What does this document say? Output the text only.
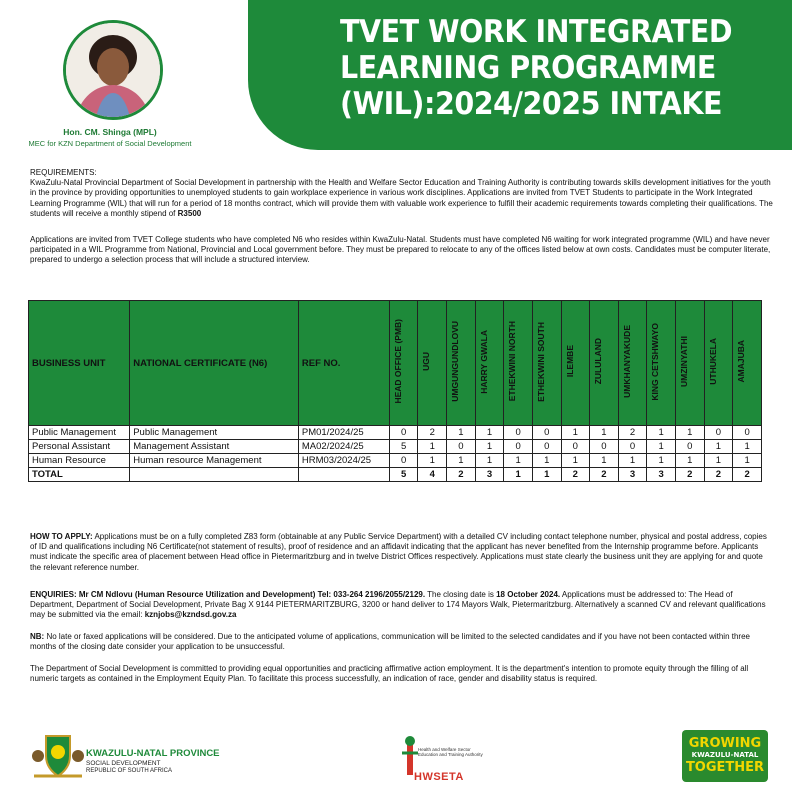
TVET WORK INTEGRATED
LEARNING PROGRAMME
(WIL):2024/2025 INTAKE
Hon. CM. Shinga (MPL)
MEC for KZN Department of Social Development
REQUIREMENTS:
KwaZulu-Natal Provincial Department of Social Development in partnership with the Health and Welfare Sector Education and Training Authority is contributing towards skills development initiatives for the youth in the province by providing opportunities to unemployed students to gain workplace experience in various work disciplines. Applications are invited from TVET Students to participate in the Work Integrated Learning Programme (WIL) that will run for a period of 18 months contract, which will provide them with valuable work experience to fulfill their academic requirements towards completing their qualifications. The students will receive a monthly stipend of R3500
Applications are invited from TVET College students who have completed N6 who resides within KwaZulu-Natal. Students must have completed N6 waiting for work integrated programme (WIL) and have never participated in a WIL Programme from National, Provincial and Local government before. They must be prepared to relocate to any of the offices listed below at own costs. Candidates must be computer literate, prepared to undergo a selection process that will include a structured interview.
BUSINESS UNIT	NATIONAL CERTIFICATE (N6)	REF NO.	HEAD OFFICE (PMB)	UGU	UMGUNGUNDLOVU	HARRY GWALA	ETHEKWINI NORTH	ETHEKWINI SOUTH	ILEMBE	ZULULAND	UMKHANYAKUDE	KING CETSHWAYO	UMZINYATHI	UTHUKELA	AMAJUBA
Public Management	Public Management	PM01/2024/25	0	2	1	1	0	0	1	1	2	1	1	0	0
Personal Assistant	Management Assistant	MA02/2024/25	5	1	0	1	0	0	0	0	0	1	0	1	1
Human Resource	Human resource Management	HRM03/2024/25	0	1	1	1	1	1	1	1	1	1	1	1	1
TOTAL			5	4	2	3	1	1	2	2	3	3	2	2	2
HOW TO APPLY: Applications must be on a fully completed Z83 form (obtainable at any Public Service Department) with a detailed CV including contact telephone number, physical and postal address, copies of ID and qualifications including N6 Certificate(not statement of results), proof of residence and an affidavit indicating that the applicant has never benefited from the Internship programme before. Applicants must indicate the specific area of placement between Head office in Pietermaritzburg and in twelve District Offices respectively. Applications must state clearly the business unit they are applying for and quote the relevant reference number.
ENQUIRIES: Mr CM Ndlovu (Human Resource Utilization and Development) Tel: 033-264 2196/2055/2129. The closing date is 18 October 2024. Applications must be addressed to: The Head of Department, Department of Social Development, Private Bag X 9144 PIETERMARITZBURG, 3200 or hand deliver to 174 Mayors Walk, Pietermaritzburg. Alternatively a scanned CV and relevant qualifications may be submitted via the email: kznjobs@kzndsd.gov.za
NB: No late or faxed applications will be considered. Due to the anticipated volume of applications, communication will be limited to the selected candidates and if you have not been contacted within three months of the closing date consider your application to be unsuccessful.
The Department of Social Development is committed to providing equal opportunities and practicing affirmative action employment. It is the department's intention to promote equity through the filling of all numeric targets as contained in the Employment Equity Plan. To facilitate this process successfully, an indication of race, gender and disability status is required.
KWAZULU-NATAL PROVINCE
SOCIAL DEVELOPMENT
REPUBLIC OF SOUTH AFRICA
Health and Welfare Sector Education and Training Authority
HWSETA
GROWING
KWAZULU-NATAL
TOGETHER
